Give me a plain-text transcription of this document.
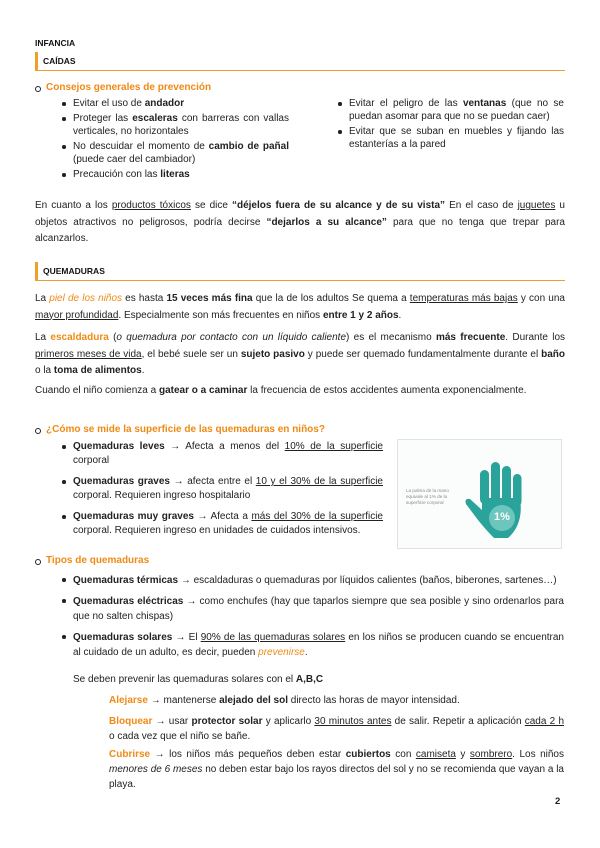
INFANCIA
CAÍDAS
Consejos generales de prevención
Evitar el uso de andador
Proteger las escaleras con barreras con vallas verticales, no horizontales
No descuidar el momento de cambio de pañal (puede caer del cambiador)
Precaución con las literas
Evitar el peligro de las ventanas (que no se puedan asomar para que no se puedan caer)
Evitar que se suban en muebles y fijando las estanterías a la pared
En cuanto a los productos tóxicos se dice “déjelos fuera de su alcance y de su vista” En el caso de juguetes u objetos atractivos no peligrosos, podría decirse “dejarlos a su alcance” para que no tenga que trepar para alcanzarlos.
QUEMADURAS
La piel de los niños es hasta 15 veces más fina que la de los adultos Se quema a temperaturas más bajas y con una mayor profundidad. Especialmente son más frecuentes en niños entre 1 y 2 años.
La escaldadura (o quemadura por contacto con un líquido caliente) es el mecanismo más frecuente. Durante los primeros meses de vida, el bebé suele ser un sujeto pasivo y puede ser quemado fundamentalmente durante el baño o la toma de alimentos.
Cuando el niño comienza a gatear o a caminar la frecuencia de estos accidentes aumenta exponencialmente.
¿Cómo se mide la superficie de las quemaduras en niños?
Quemaduras leves → Afecta a menos del 10% de la superficie corporal
Quemaduras graves → afecta entre el 10 y el 30% de la superficie corporal. Requieren ingreso hospitalario
Quemaduras muy graves → Afecta a más del 30% de la superficie corporal. Requieren ingreso en unidades de cuidados intensivos.
La palma de la mano equivale al 1% de la superficie corporal
1%
Tipos de quemaduras
Quemaduras térmicas → escaldaduras o quemaduras por líquidos calientes (baños, biberones, sartenes…)
Quemaduras eléctricas → como enchufes (hay que taparlos siempre que sea posible y sino ordenarlos para que no salten chispas)
Quemaduras solares → El 90% de las quemaduras solares en los niños se producen cuando se encuentran al cuidado de un adulto, es decir, pueden prevenirse.
Se deben prevenir las quemaduras solares con el A,B,C
Alejarse → mantenerse alejado del sol directo las horas de mayor intensidad.
Bloquear → usar protector solar y aplicarlo 30 minutos antes de salir. Repetir a aplicación cada 2 h o cada vez que el niño se bañe.
Cubrirse → los niños más pequeños deben estar cubiertos con camiseta y sombrero. Los niños menores de 6 meses no deben estar bajo los rayos directos del sol y no se recomienda que vayan a la playa.
2
